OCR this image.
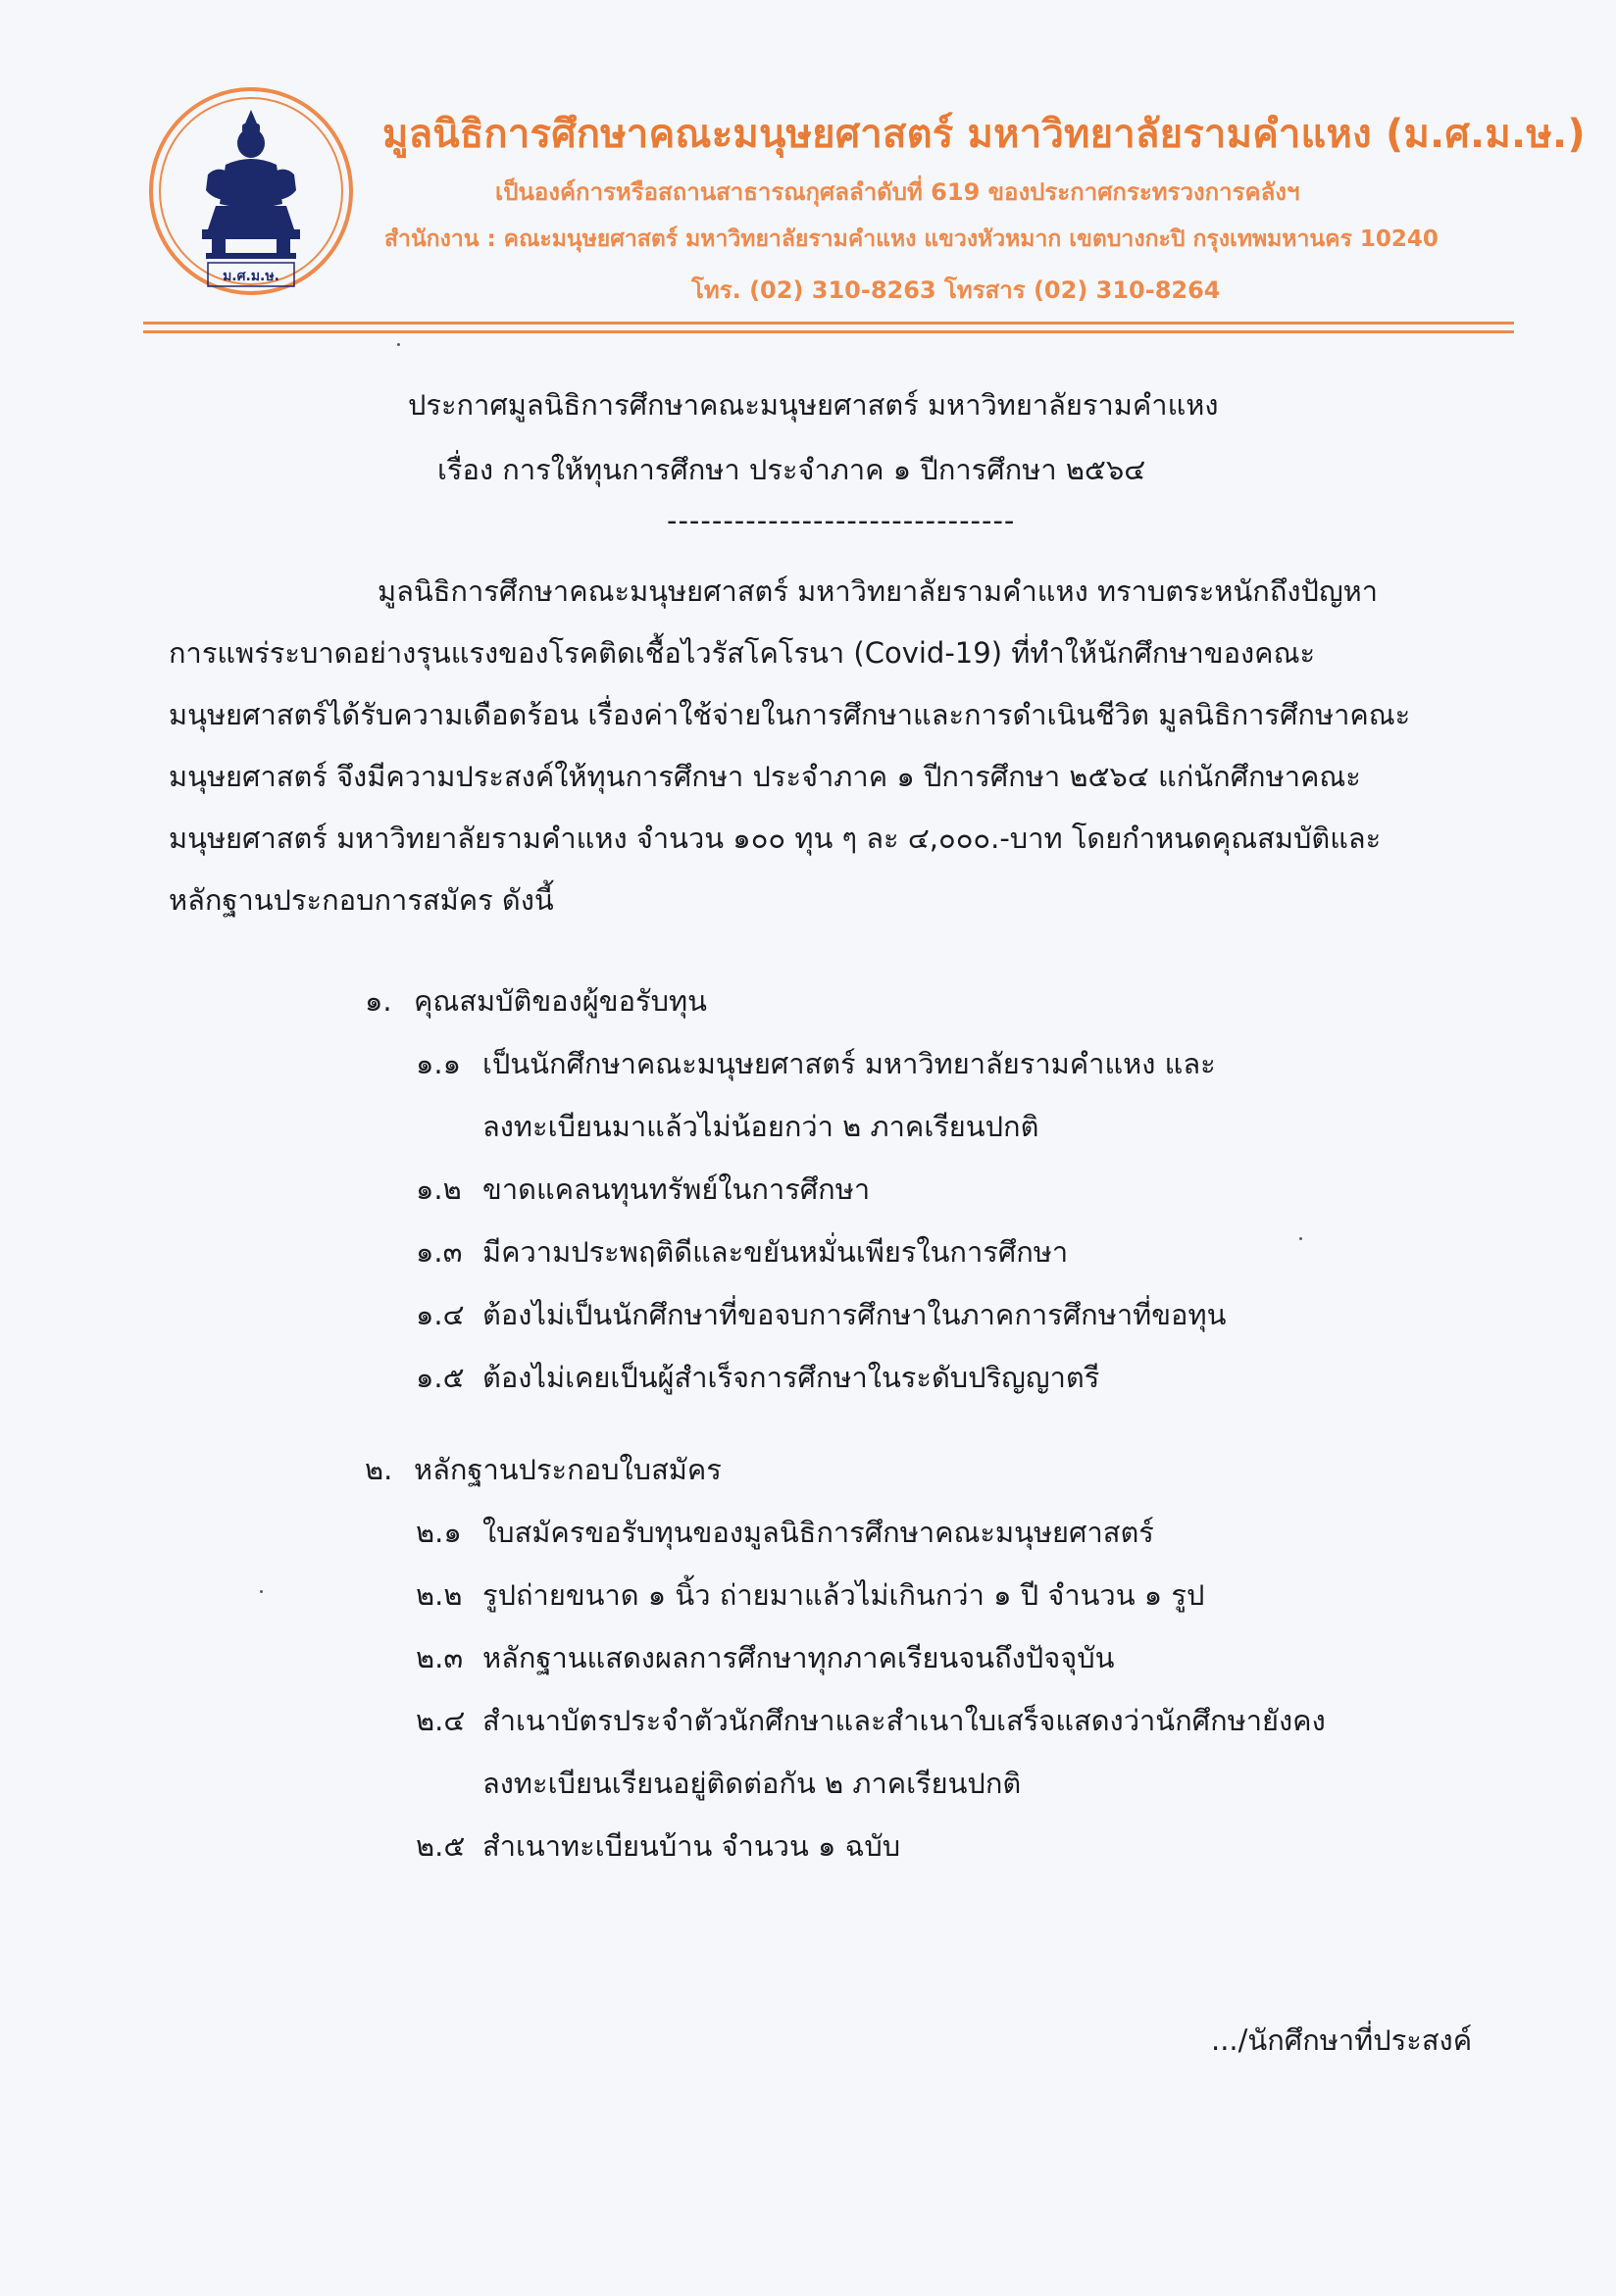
ม.ศ.ม.ษ.
มูลนิธิการศึกษาคณะมนุษยศาสตร์ มหาวิทยาลัยรามคำแหง (ม.ศ.ม.ษ.)
เป็นองค์การหรือสถานสาธารณกุศลลำดับที่ 619 ของประกาศกระทรวงการคลังฯ
สำนักงาน : คณะมนุษยศาสตร์ มหาวิทยาลัยรามคำแหง แขวงหัวหมาก เขตบางกะปิ กรุงเทพมหานคร 10240
โทร. (02) 310-8263 โทรสาร (02) 310-8264
ประกาศมูลนิธิการศึกษาคณะมนุษยศาสตร์ มหาวิทยาลัยรามคำแหง
เรื่อง การให้ทุนการศึกษา ประจำภาค ๑ ปีการศึกษา ๒๕๖๔
-------------------------------
มูลนิธิการศึกษาคณะมนุษยศาสตร์ มหาวิทยาลัยรามคำแหง ทราบตระหนักถึงปัญหา
การแพร่ระบาดอย่างรุนแรงของโรคติดเชื้อไวรัสโคโรนา (Covid-19) ที่ทำให้นักศึกษาของคณะ
มนุษยศาสตร์ได้รับความเดือดร้อน เรื่องค่าใช้จ่ายในการศึกษาและการดำเนินชีวิต มูลนิธิการศึกษาคณะ
มนุษยศาสตร์ จึงมีความประสงค์ให้ทุนการศึกษา ประจำภาค ๑ ปีการศึกษา ๒๕๖๔ แก่นักศึกษาคณะ
มนุษยศาสตร์ มหาวิทยาลัยรามคำแหง จำนวน ๑๐๐ ทุน ๆ ละ ๔,๐๐๐.-บาท โดยกำหนดคุณสมบัติและ
หลักฐานประกอบการสมัคร ดังนี้
๑. คุณสมบัติของผู้ขอรับทุน
๑.๑ เป็นนักศึกษาคณะมนุษยศาสตร์ มหาวิทยาลัยรามคำแหง และ
ลงทะเบียนมาแล้วไม่น้อยกว่า ๒ ภาคเรียนปกติ
๑.๒ ขาดแคลนทุนทรัพย์ในการศึกษา
๑.๓ มีความประพฤติดีและขยันหมั่นเพียรในการศึกษา
๑.๔ ต้องไม่เป็นนักศึกษาที่ขอจบการศึกษาในภาคการศึกษาที่ขอทุน
๑.๕ ต้องไม่เคยเป็นผู้สำเร็จการศึกษาในระดับปริญญาตรี
๒. หลักฐานประกอบใบสมัคร
๒.๑ ใบสมัครขอรับทุนของมูลนิธิการศึกษาคณะมนุษยศาสตร์
๒.๒ รูปถ่ายขนาด ๑ นิ้ว ถ่ายมาแล้วไม่เกินกว่า ๑ ปี จำนวน ๑ รูป
๒.๓ หลักฐานแสดงผลการศึกษาทุกภาคเรียนจนถึงปัจจุบัน
๒.๔ สำเนาบัตรประจำตัวนักศึกษาและสำเนาใบเสร็จแสดงว่านักศึกษายังคง
ลงทะเบียนเรียนอยู่ติดต่อกัน ๒ ภาคเรียนปกติ
๒.๕ สำเนาทะเบียนบ้าน จำนวน ๑ ฉบับ
.../นักศึกษาที่ประสงค์
